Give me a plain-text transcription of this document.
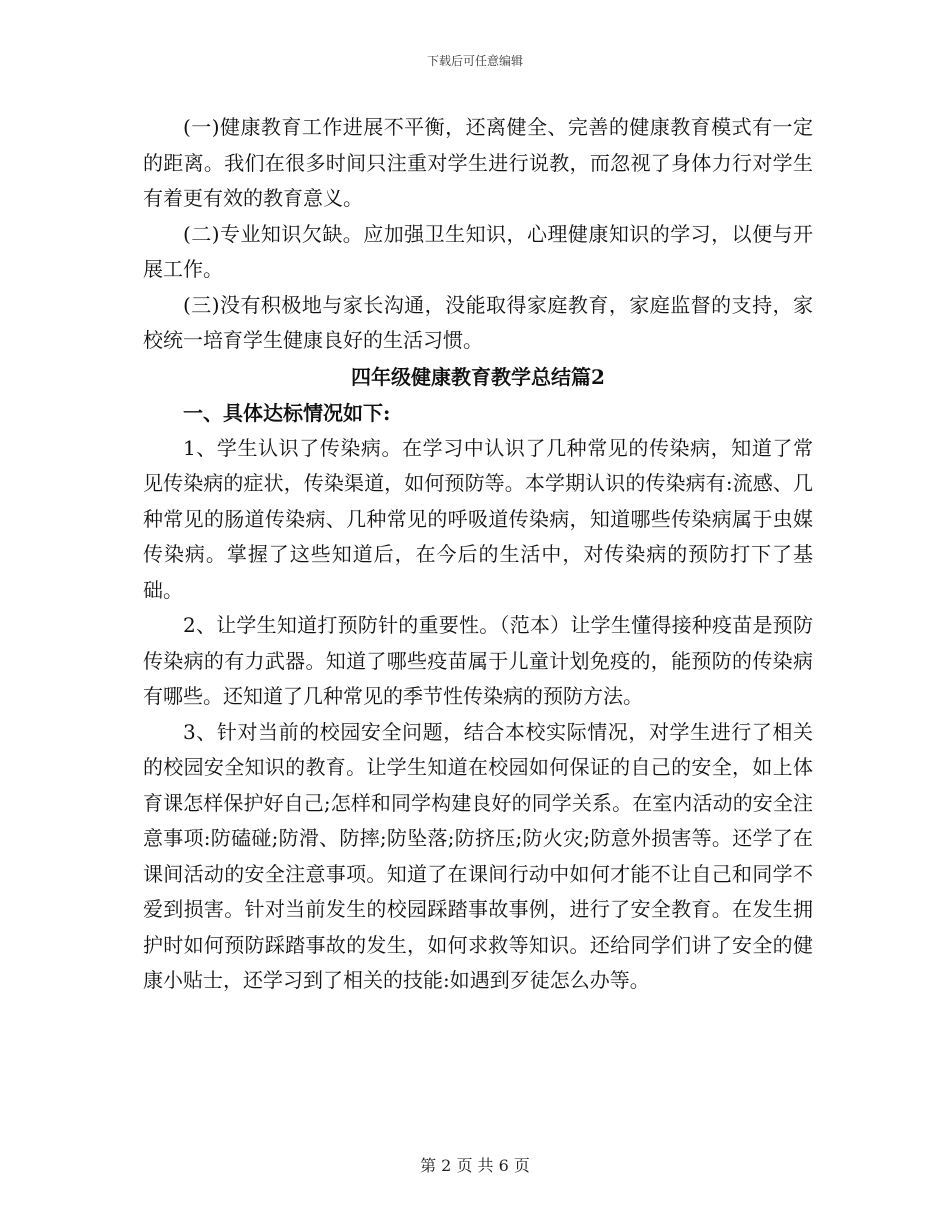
下载后可任意编辑

(一)健康教育工作进展不平衡，还离健全、完善的健康教育模式有一定的距离。我们在很多时间只注重对学生进行说教，而忽视了身体力行对学生有着更有效的教育意义。

(二)专业知识欠缺。应加强卫生知识，心理健康知识的学习，以便与开展工作。

(三)没有积极地与家长沟通，没能取得家庭教育，家庭监督的支持，家校统一培育学生健康良好的生活习惯。

四年级健康教育教学总结篇2

一、具体达标情况如下:

1、学生认识了传染病。在学习中认识了几种常见的传染病，知道了常见传染病的症状，传染渠道，如何预防等。本学期认识的传染病有:流感、几种常见的肠道传染病、几种常见的呼吸道传染病，知道哪些传染病属于虫媒传染病。掌握了这些知道后，在今后的生活中，对传染病的预防打下了基础。

2、让学生知道打预防针的重要性。（范本）让学生懂得接种疫苗是预防传染病的有力武器。知道了哪些疫苗属于儿童计划免疫的，能预防的传染病有哪些。还知道了几种常见的季节性传染病的预防方法。

3、针对当前的校园安全问题，结合本校实际情况，对学生进行了相关的校园安全知识的教育。让学生知道在校园如何保证的自己的安全，如上体育课怎样保护好自己;怎样和同学构建良好的同学关系。在室内活动的安全注意事项:防磕碰;防滑、防摔;防坠落;防挤压;防火灾;防意外损害等。还学了在课间活动的安全注意事项。知道了在课间行动中如何才能不让自己和同学不爱到损害。针对当前发生的校园踩踏事故事例，进行了安全教育。在发生拥护时如何预防踩踏事故的发生，如何求救等知识。还给同学们讲了安全的健康小贴士，还学习到了相关的技能:如遇到歹徒怎么办等。

第 2 页 共 6 页
